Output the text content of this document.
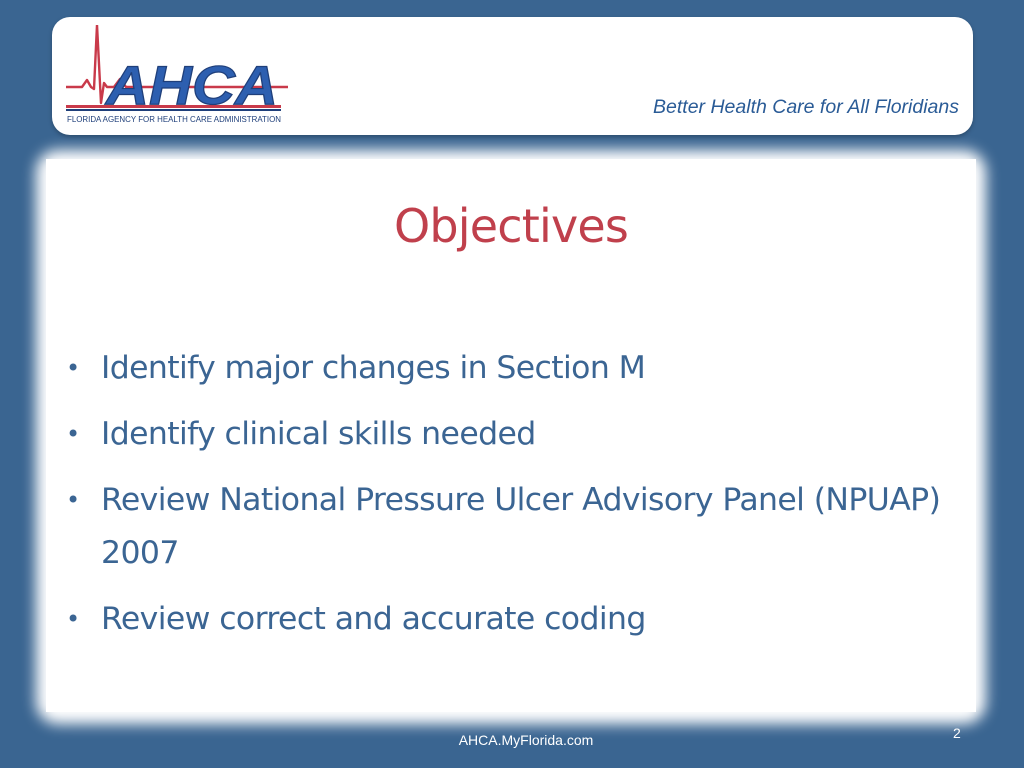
AHCA
FLORIDA AGENCY FOR HEALTH CARE ADMINISTRATION
Better Health Care for All Floridians
Objectives
• Identify major changes in Section M
• Identify clinical skills needed
• Review National Pressure Ulcer Advisory Panel (NPUAP) 2007
• Review correct and accurate coding
AHCA.MyFlorida.com	2
